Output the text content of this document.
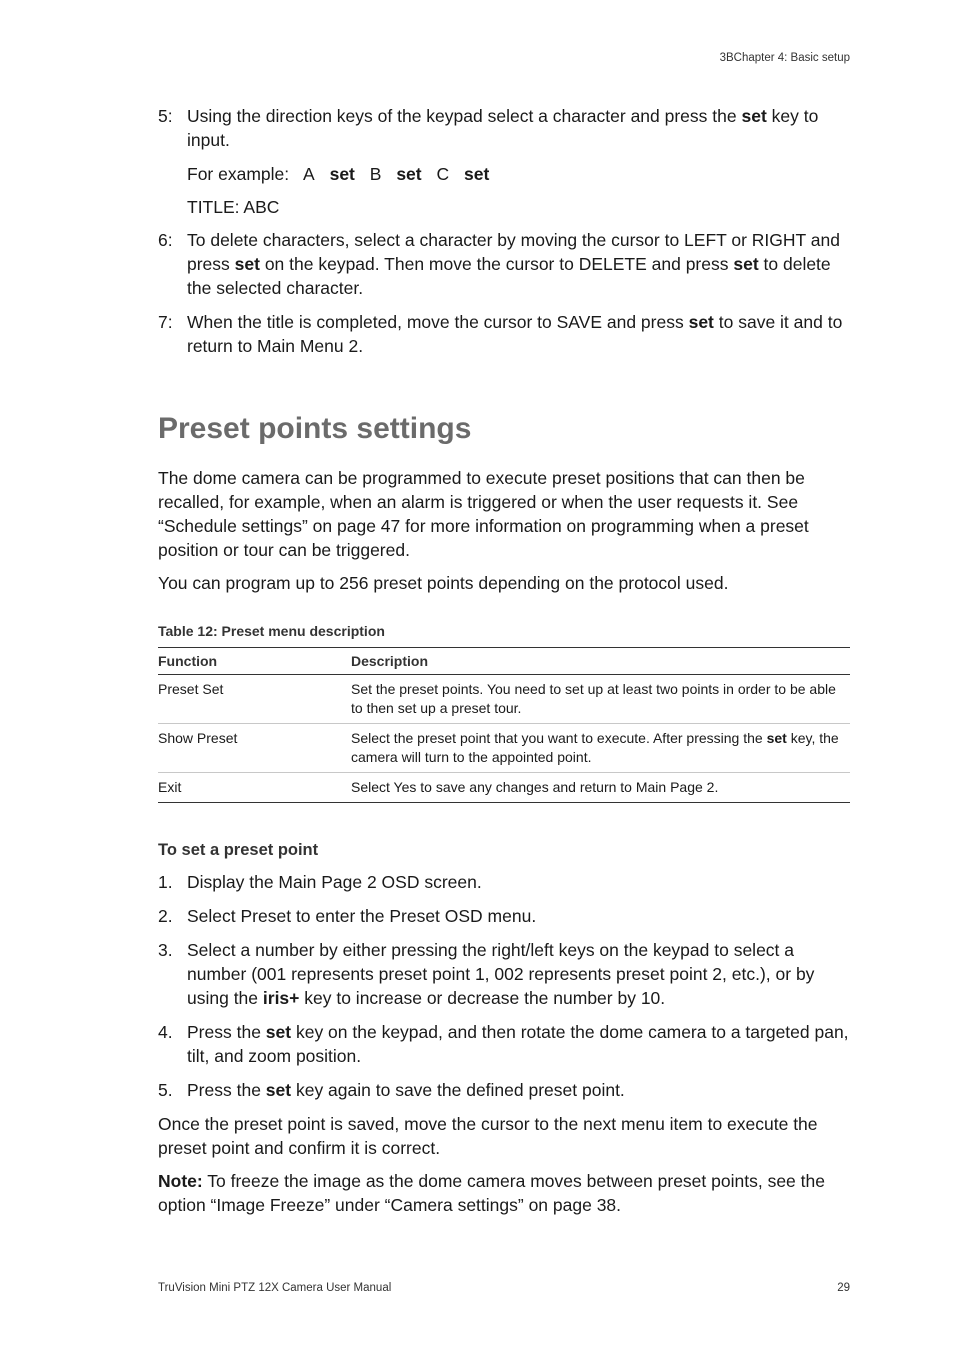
3BChapter 4: Basic setup
5: Using the direction keys of the keypad select a character and press the set key to input.
For example: A set B set C set
TITLE: ABC
6: To delete characters, select a character by moving the cursor to LEFT or RIGHT and press set on the keypad. Then move the cursor to DELETE and press set to delete the selected character.
7: When the title is completed, move the cursor to SAVE and press set to save it and to return to Main Menu 2.
Preset points settings

The dome camera can be programmed to execute preset positions that can then be recalled, for example, when an alarm is triggered or when the user requests it. See “Schedule settings” on page 47 for more information on programming when a preset position or tour can be triggered.

You can program up to 256 preset points depending on the protocol used.

Table 12: Preset menu description
Function	Description
Preset Set	Set the preset points. You need to set up at least two points in order to be able to then set up a preset tour.
Show Preset	Select the preset point that you want to execute. After pressing the set key, the camera will turn to the appointed point.
Exit	Select Yes to save any changes and return to Main Page 2.
To set a preset point
1. Display the Main Page 2 OSD screen.
2. Select Preset to enter the Preset OSD menu.
3. Select a number by either pressing the right/left keys on the keypad to select a number (001 represents preset point 1, 002 represents preset point 2, etc.), or by using the iris+ key to increase or decrease the number by 10.
4. Press the set key on the keypad, and then rotate the dome camera to a targeted pan, tilt, and zoom position.
5. Press the set key again to save the defined preset point.

Once the preset point is saved, move the cursor to the next menu item to execute the preset point and confirm it is correct.

Note: To freeze the image as the dome camera moves between preset points, see the option “Image Freeze” under “Camera settings” on page 38.

TruVision Mini PTZ 12X Camera User Manual	29
